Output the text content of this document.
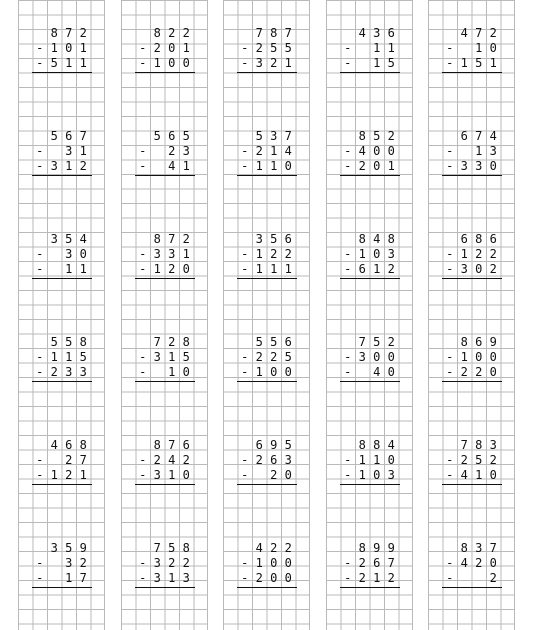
8 7 2
- 1 0 1
- 5 1 1
8 2 2
- 2 0 1
- 1 0 0
7 8 7
- 2 5 5
- 3 2 1
4 3 6
-	1 1
-	1 5
4 7 2
-	1 0
- 1 5 1
5 6 7
-	3 1
- 3 1 2
5 6 5
-	2 3
-	4 1
5 3 7
- 2 1 4
- 1 1 0
8 5 2
- 4 0 0
- 2 0 1
6 7 4
-	1 3
- 3 3 0
3 5 4
-	3 0
-	1 1
8 7 2
- 3 3 1
- 1 2 0
3 5 6
- 1 2 2
- 1 1 1
8 4 8
- 1 0 3
- 6 1 2
6 8 6
- 1 2 2
- 3 0 2
5 5 8
- 1 1 5
- 2 3 3
7 2 8
- 3 1 5
-	1 0
5 5 6
- 2 2 5
- 1 0 0
7 5 2
- 3 0 0
-	4 0
8 6 9
- 1 0 0
- 2 2 0
4 6 8
-	2 7
- 1 2 1
8 7 6
- 2 4 2
- 3 1 0
6 9 5
- 2 6 3
-	2 0
8 8 4
- 1 1 0
- 1 0 3
7 8 3
- 2 5 2
- 4 1 0
3 5 9
-	3 2
-	1 7
7 5 8
- 3 2 2
- 3 1 3
4 2 2
- 1 0 0
- 2 0 0
8 9 9
- 2 6 7
- 2 1 2
8 3 7
- 4 2 0
-	2
